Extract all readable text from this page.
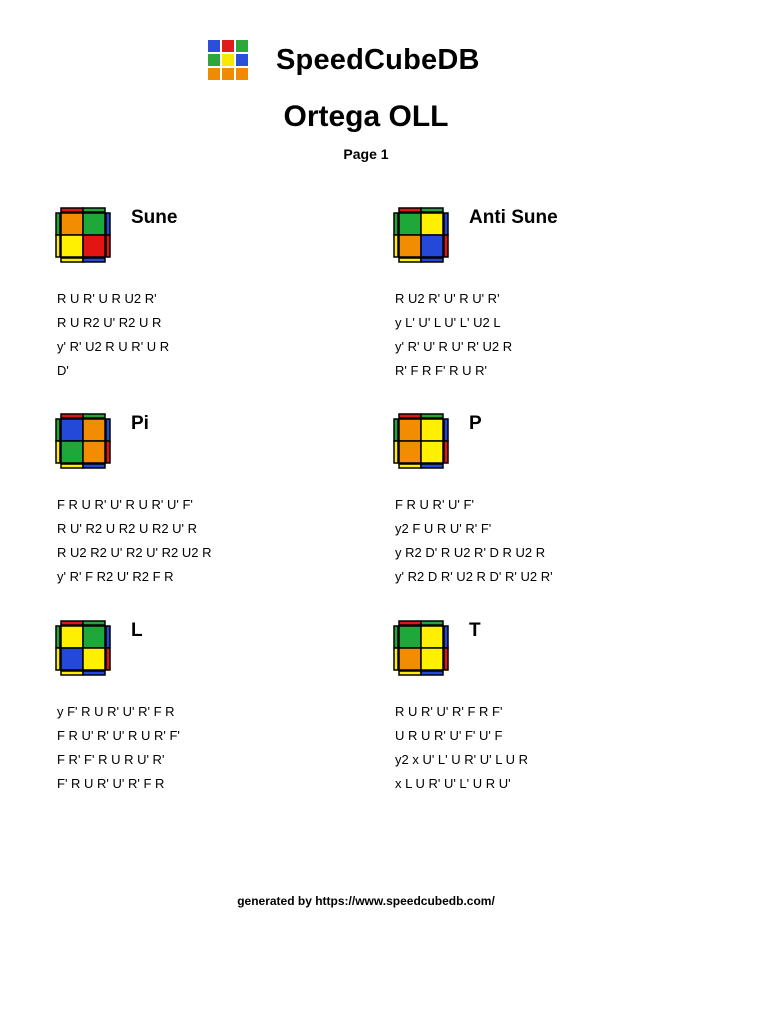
SpeedCubeDB
Ortega OLL
Page 1
Sune
R U R' U R U2 R'
R U R2 U' R2 U R
y' R' U2 R U R' U R
D'
Anti Sune
R U2 R' U' R U' R'
y L' U' L U' L' U2 L
y' R' U' R U' R' U2 R
R' F R F' R U R'
Pi
F R U R' U' R U R' U' F'
R U' R2 U R2 U R2 U' R
R U2 R2 U' R2 U' R2 U2 R
y' R' F R2 U' R2 F R
P
F R U R' U' F'
y2 F U R U' R' F'
y R2 D' R U2 R' D R U2 R
y' R2 D R' U2 R D' R' U2 R'
L
y F' R U R' U' R' F R
F R U' R' U' R U R' F'
F R' F' R U R U' R'
F' R U R' U' R' F R
T
R U R' U' R' F R F'
U R U R' U' F' U' F
y2 x U' L' U R' U' L U R
x L U R' U' L' U R U'
generated by https://www.speedcubedb.com/
